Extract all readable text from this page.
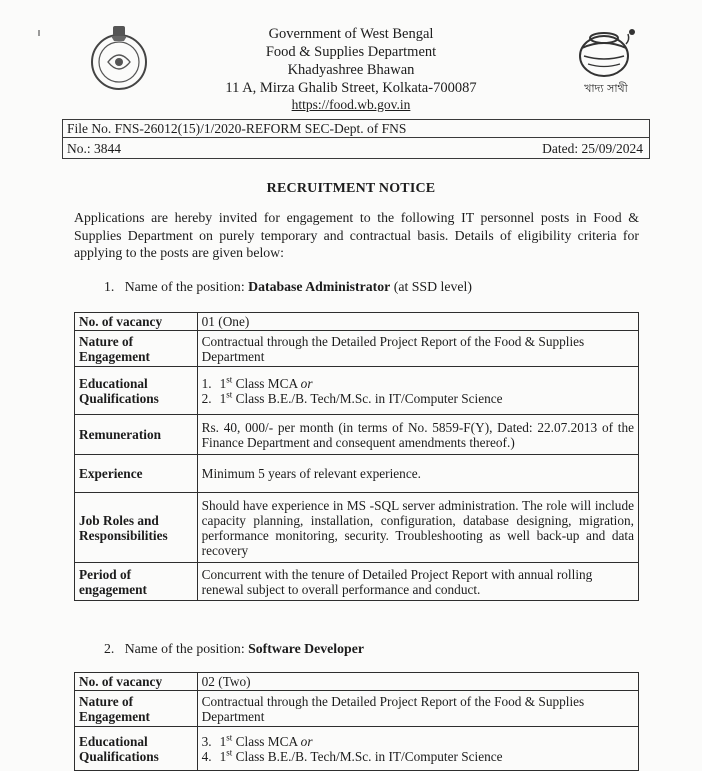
খাদ্য সাথী
Government of West Bengal
Food & Supplies Department
Khadyashree Bhawan
11 A, Mirza Ghalib Street, Kolkata-700087
https://food.wb.gov.in
File No. FNS-26012(15)/1/2020-REFORM SEC-Dept. of FNS
No.: 3844	Dated: 25/09/2024
RECRUITMENT NOTICE
Applications are hereby invited for engagement to the following IT personnel posts in Food & Supplies Department on purely temporary and contractual basis. Details of eligibility criteria for applying to the posts are given below:
1. Name of the position: Database Administrator (at SSD level)
No. of vacancy	01 (One)
Nature of Engagement	Contractual through the Detailed Project Report of the Food & Supplies Department
Educational Qualifications	1. 1st Class MCA or
2. 1st Class B.E./B. Tech/M.Sc. in IT/Computer Science

Remuneration	Rs. 40, 000/- per month (in terms of No. 5859-F(Y), Dated: 22.07.2013 of the Finance Department and consequent amendments thereof.)
Experience	Minimum 5 years of relevant experience.
Job Roles and Responsibilities	Should have experience in MS -SQL server administration. The role will include capacity planning, installation, configuration, database designing, migration, performance monitoring, security. Troubleshooting as well back-up and data recovery
Period of engagement	Concurrent with the tenure of Detailed Project Report with annual rolling renewal subject to overall performance and conduct.
2. Name of the position: Software Developer
No. of vacancy	02 (Two)
Nature of Engagement	Contractual through the Detailed Project Report of the Food & Supplies Department
Educational Qualifications	3. 1st Class MCA or
4. 1st Class B.E./B. Tech/M.Sc. in IT/Computer Science
